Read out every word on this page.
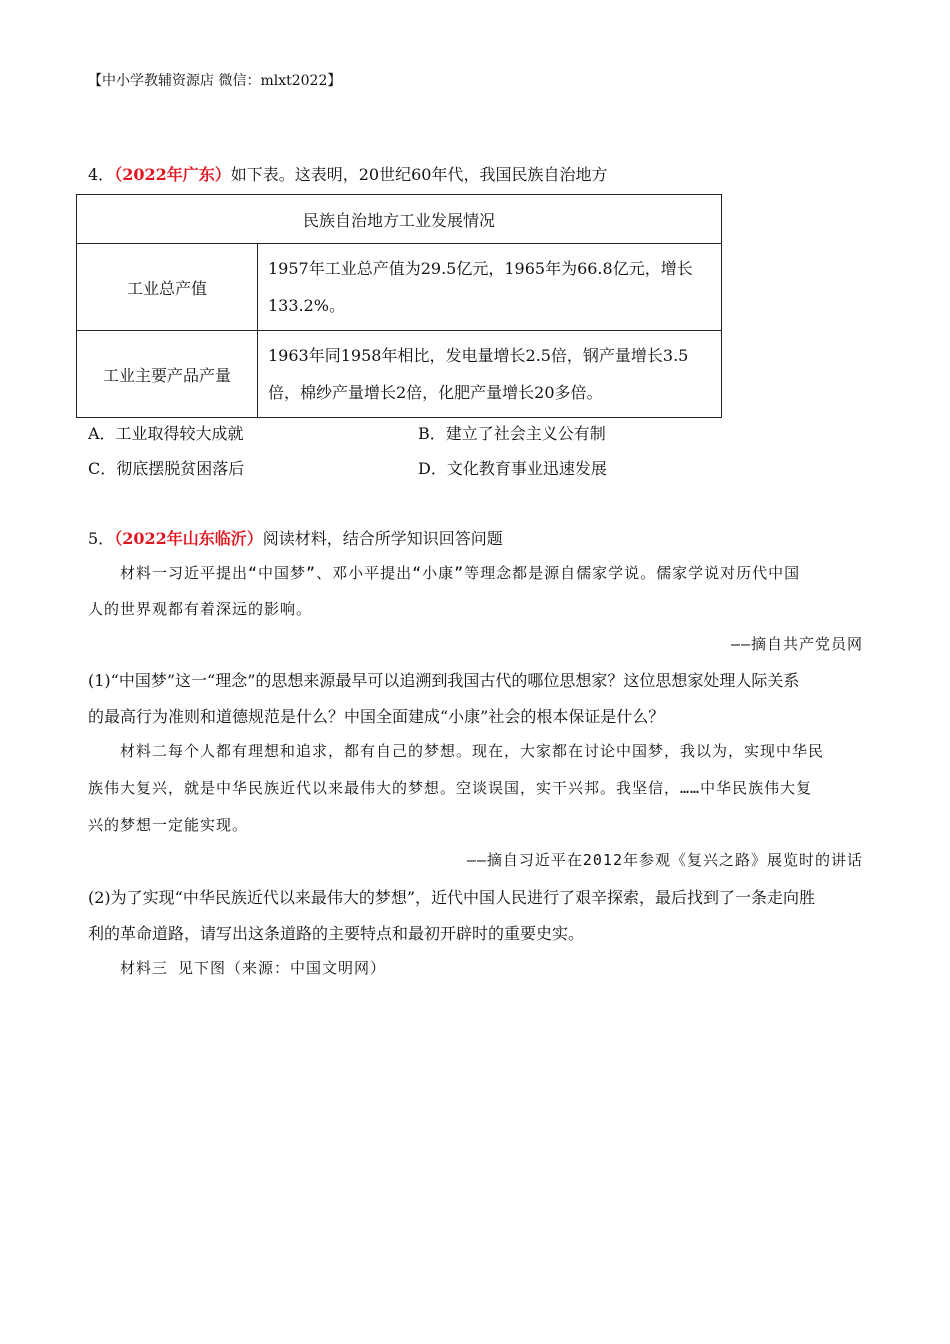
【中小学教辅资源店 微信：mlxt2022】
4．（2022年广东）如下表。这表明，20世纪60年代，我国民族自治地方
民族自治地方工业发展情况	
工业总产值	1957年工业总产值为29.5亿元，1965年为66.8亿元，增长
133.2%。

工业主要产品产量	1963年同1958年相比，发电量增长2.5倍，钢产量增长3.5
倍，棉纱产量增长2倍，化肥产量增长20多倍。
A．工业取得较大成就	B．建立了社会主义公有制
C．彻底摆脱贫困落后	D．文化教育事业迅速发展
5．（2022年山东临沂）阅读材料，结合所学知识回答问题
材料一习近平提出“中国梦”、邓小平提出“小康”等理念都是源自儒家学说。儒家学说对历代中国
人的世界观都有着深远的影响。
——摘自共产党员网
(1)“中国梦”这一“理念”的思想来源最早可以追溯到我国古代的哪位思想家？这位思想家处理人际关系
的最高行为准则和道德规范是什么？中国全面建成“小康”社会的根本保证是什么？
材料二每个人都有理想和追求，都有自己的梦想。现在，大家都在讨论中国梦，我以为，实现中华民
族伟大复兴，就是中华民族近代以来最伟大的梦想。空谈误国，实干兴邦。我坚信，……中华民族伟大复
兴的梦想一定能实现。
——摘自习近平在2012年参观《复兴之路》展览时的讲话
(2)为了实现“中华民族近代以来最伟大的梦想”，近代中国人民进行了艰辛探索，最后找到了一条走向胜
利的革命道路，请写出这条道路的主要特点和最初开辟时的重要史实。
材料三 见下图（来源：中国文明网）
